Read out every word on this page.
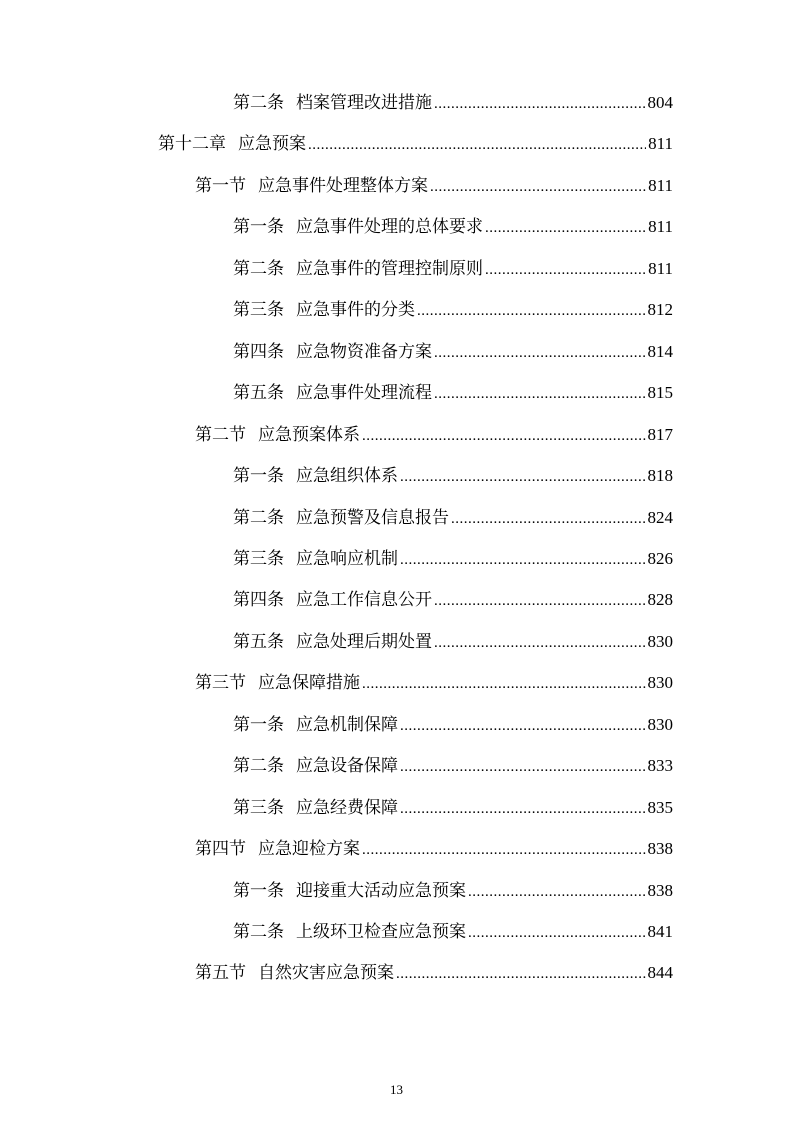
第二条 档案管理改进措施 .....	804
第十二章 应急预案 .....	811
第一节 应急事件处理整体方案 .....	811
第一条 应急事件处理的总体要求 .....	811
第二条 应急事件的管理控制原则 .....	811
第三条 应急事件的分类 .....	812
第四条 应急物资准备方案 .....	814
第五条 应急事件处理流程 .....	815
第二节 应急预案体系 .....	817
第一条 应急组织体系 .....	818
第二条 应急预警及信息报告 .....	824
第三条 应急响应机制 .....	826
第四条 应急工作信息公开 .....	828
第五条 应急处理后期处置 .....	830
第三节 应急保障措施 .....	830
第一条 应急机制保障 .....	830
第二条 应急设备保障 .....	833
第三条 应急经费保障 .....	835
第四节 应急迎检方案 .....	838
第一条 迎接重大活动应急预案 .....	838
第二条 上级环卫检查应急预案 .....	841
第五节 自然灾害应急预案 .....	844
13
